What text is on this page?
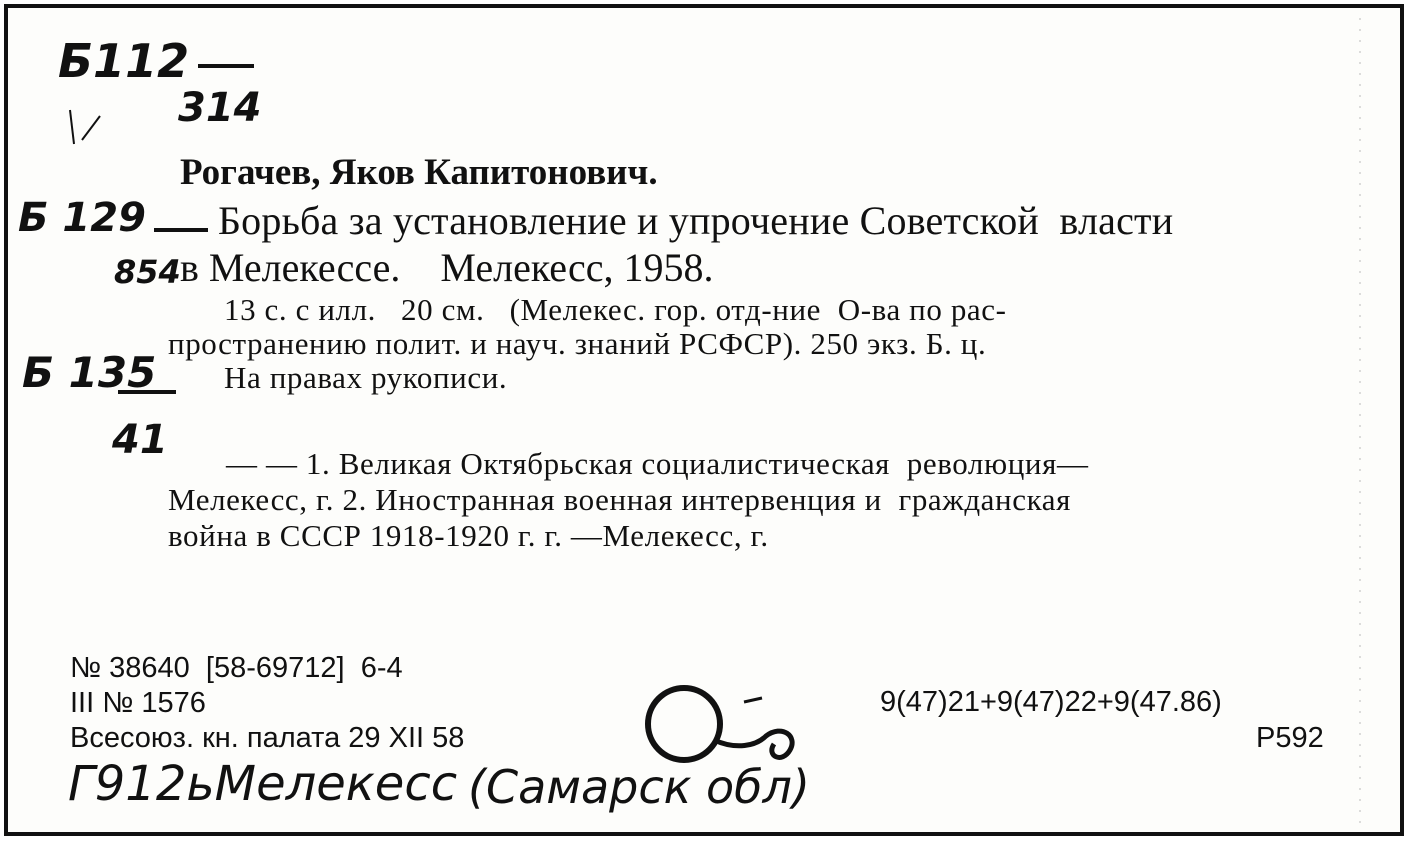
Б112
314
Б 129
854
Б 135
41
Рогачев, Яков Капитонович.
Борьба за установление и упрочение Советской  власти
в Мелекессе.    Мелекесс, 1958.
13 с. с илл.   20 см.   (Мелекес. гор. отд-ние  О-ва по рас-
пространению полит. и науч. знаний РСФСР). 250 экз. Б. ц.
На правах рукописи.
— — 1. Великая Октябрьская социалистическая  революция—
Мелекесс, г. 2. Иностранная военная интервенция и  гражданская
война в СССР 1918-1920 г. г. —Мелекесс, г.
№ 38640  [58-69712]  6-4
III № 1576
Всесоюз. кн. палата 29 XII 58
9(47)21+9(47)22+9(47.86)
Р592
Г912ьМелекесс (Самарск обл)
